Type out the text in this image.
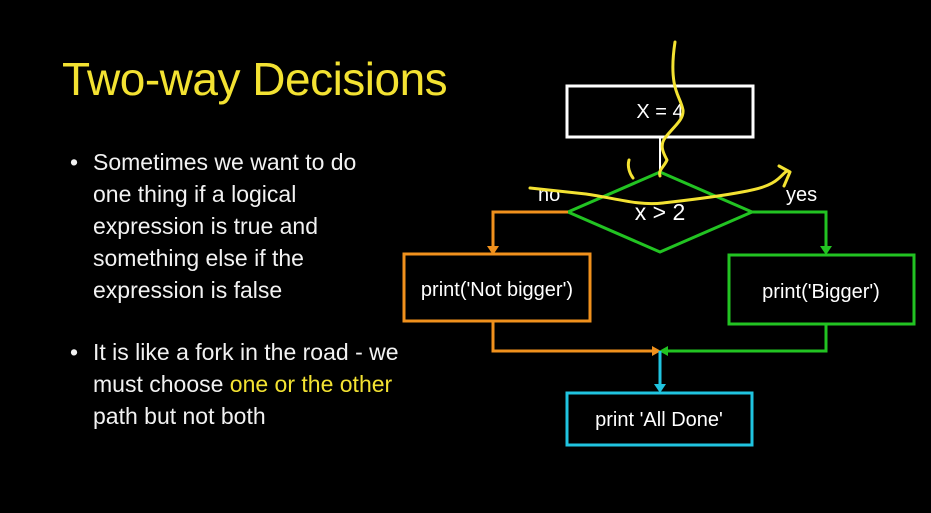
Two-way Decisions
• Sometimes we want to do one thing if a logical expression is true and something else if the expression is false
• It is like a fork in the road - we must choose one or the other path but not both
X = 4
x > 2
no	yes
print('Not bigger')	print('Bigger')
print 'All Done'
